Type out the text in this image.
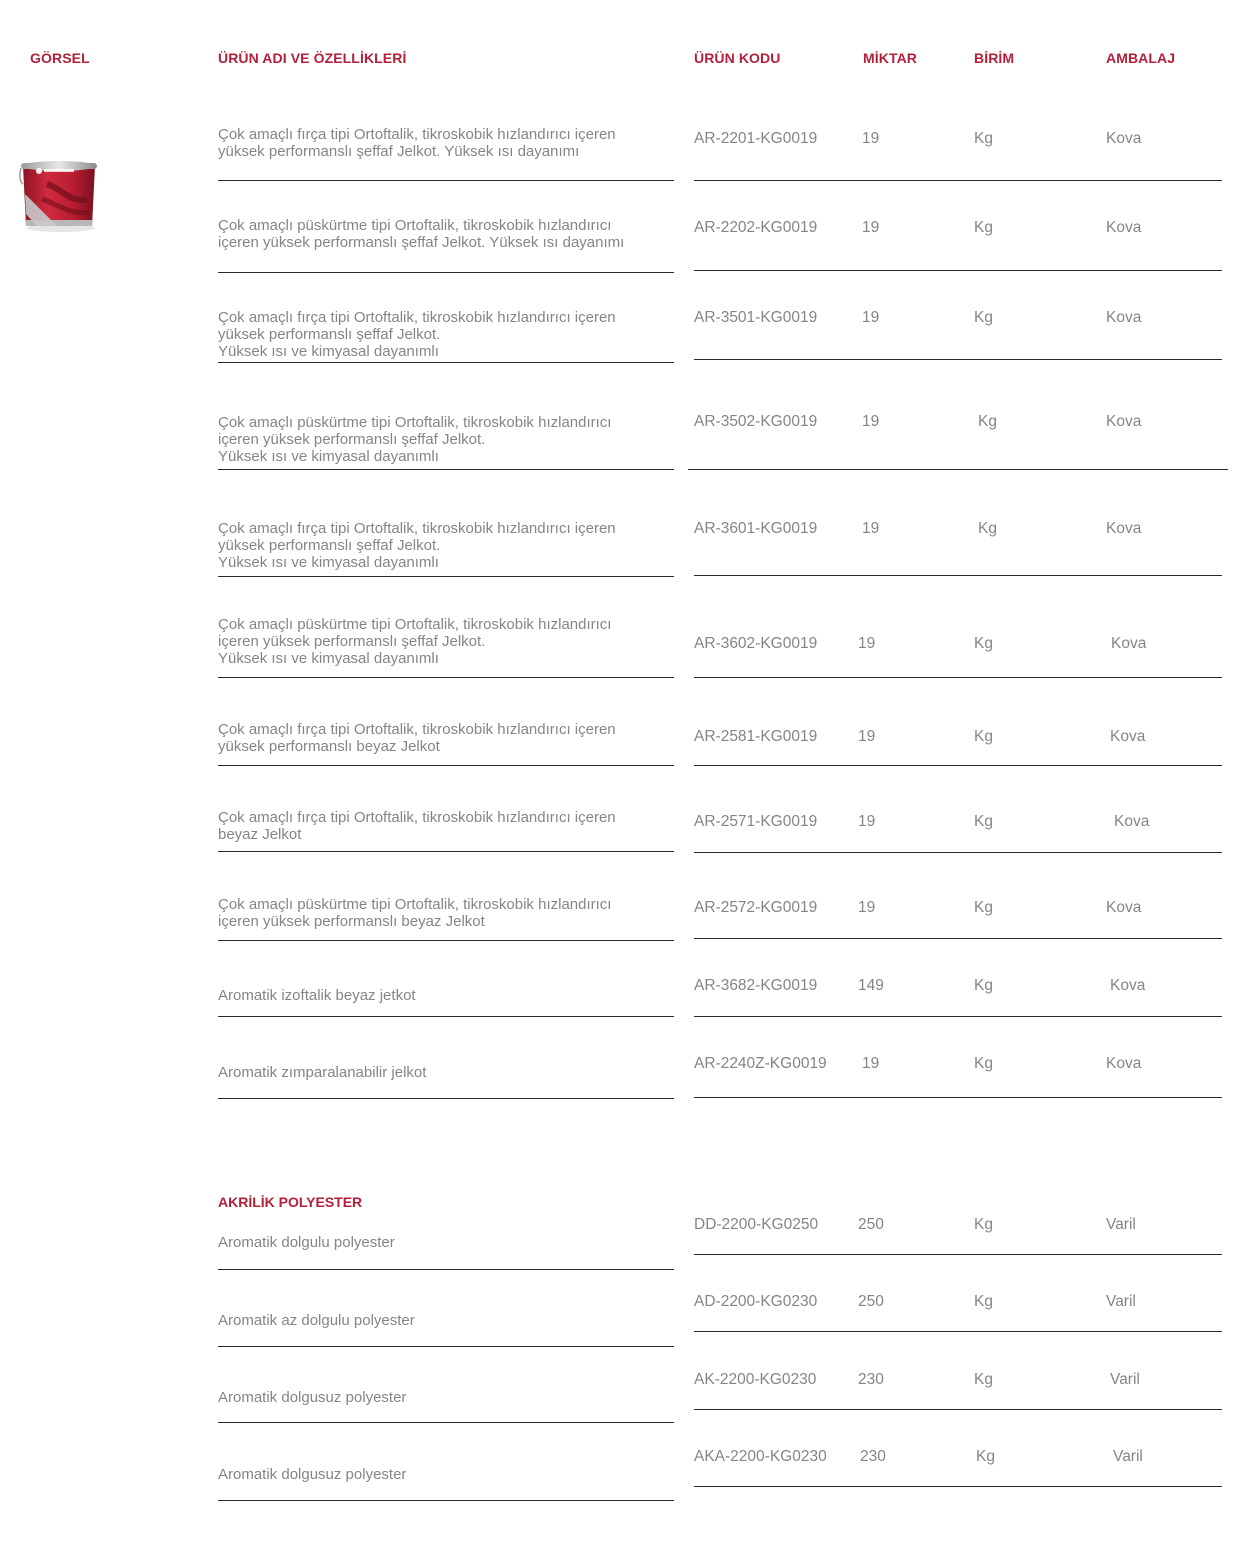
GÖRSEL	ÜRÜN ADI VE ÖZELLİKLERİ	ÜRÜN KODU	MİKTAR	BİRİM	AMBALAJ
Çok amaçlı fırça tipi Ortoftalik, tikroskobik hızlandırıcı içeren
yüksek performanslı şeffaf Jelkot. Yüksek ısı dayanımı
AR-2201-KG0019	19	Kg	Kova
Çok amaçlı püskürtme tipi Ortoftalik, tikroskobik hızlandırıcı
içeren yüksek performanslı şeffaf Jelkot. Yüksek ısı dayanımı
AR-2202-KG0019	19	Kg	Kova
Çok amaçlı fırça tipi Ortoftalik, tikroskobik hızlandırıcı içeren
yüksek performanslı şeffaf Jelkot.
Yüksek ısı ve kimyasal dayanımlı
AR-3501-KG0019	19	Kg	Kova
Çok amaçlı püskürtme tipi Ortoftalik, tikroskobik hızlandırıcı
içeren yüksek performanslı şeffaf Jelkot.
Yüksek ısı ve kimyasal dayanımlı
AR-3502-KG0019	19	Kg	Kova
Çok amaçlı fırça tipi Ortoftalik, tikroskobik hızlandırıcı içeren
yüksek performanslı şeffaf Jelkot.
Yüksek ısı ve kimyasal dayanımlı
AR-3601-KG0019	19	Kg	Kova
Çok amaçlı püskürtme tipi Ortoftalik, tikroskobik hızlandırıcı
içeren yüksek performanslı şeffaf Jelkot.
Yüksek ısı ve kimyasal dayanımlı
AR-3602-KG0019	19	Kg	Kova
Çok amaçlı fırça tipi Ortoftalik, tikroskobik hızlandırıcı içeren
yüksek performanslı beyaz Jelkot
AR-2581-KG0019	19	Kg	Kova
Çok amaçlı fırça tipi Ortoftalik, tikroskobik hızlandırıcı içeren
beyaz Jelkot
AR-2571-KG0019	19	Kg	Kova
Çok amaçlı püskürtme tipi Ortoftalik, tikroskobik hızlandırıcı
içeren yüksek performanslı beyaz Jelkot
AR-2572-KG0019	19	Kg	Kova
Aromatik izoftalik beyaz jetkot
AR-3682-KG0019	149	Kg	Kova
Aromatik zımparalanabilir jelkot
AR-2240Z-KG0019 19	Kg	Kova
AKRİLİK POLYESTER
Aromatik dolgulu polyester
DD-2200-KG0250	250	Kg	Varil
Aromatik az dolgulu polyester
AD-2200-KG0230	250	Kg	Varil
Aromatik dolgusuz polyester
AK-2200-KG0230	230	Kg	Varil
Aromatik dolgusuz polyester
AKA-2200-KG0230 230	Kg	Varil
